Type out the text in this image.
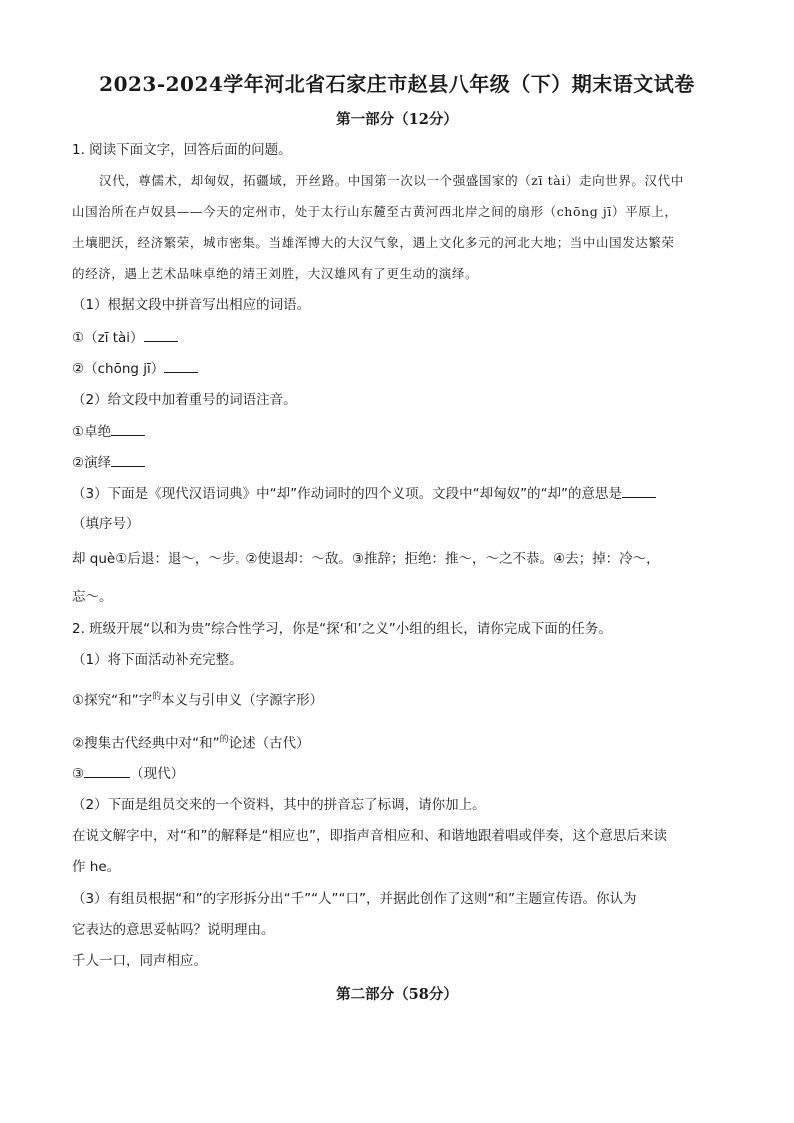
2023-2024学年河北省石家庄市赵县八年级（下）期末语文试卷
第一部分（12分）
1. 阅读下面文字，回答后面的问题。
汉代，尊儒术，却匈奴，拓疆域，开丝路。中国第一次以一个强盛国家的（zī tài）走向世界。汉代中
山国治所在卢奴县——今天的定州市，处于太行山东麓至古黄河西北岸之间的扇形（chōng jī）平原上，
土壤肥沃，经济繁荣，城市密集。当雄浑博大的大汉气象，遇上文化多元的河北大地；当中山国发达繁荣
的经济，遇上艺术品味卓绝的靖王刘胜，大汉雄风有了更生动的演绎。
（1）根据文段中拼音写出相应的词语。
①（zī tài）
②（chōng jī）
（2）给文段中加着重号的词语注音。
①卓绝
②演绎
（3）下面是《现代汉语词典》中“却”作动词时的四个义项。文段中“却匈奴”的“却”的意思是
（填序号）
却 què①后退：退～，～步。②使退却：～敌。③推辞；拒绝：推～，～之不恭。④去；掉：冷～，
忘～。
2. 班级开展“以和为贵”综合性学习，你是“探‘和’之义”小组的组长，请你完成下面的任务。
（1）将下面活动补充完整。
①探究“和”字$^的$本义与引申义（字源字形）
②搜集古代经典中对“和”$^的$论述（古代）
③	（现代）
（2）下面是组员交来的一个资料，其中的拼音忘了标调，请你加上。
在说文解字中，对“和”的解释是“相应也”，即指声音相应和、和谐地跟着唱或伴奏，这个意思后来读
作 he。
（3）有组员根据“和”的字形拆分出“千”“人”“口”，并据此创作了这则“和”主题宣传语。你认为
它表达的意思妥帖吗？说明理由。
千人一口，同声相应。
第二部分（58分）
